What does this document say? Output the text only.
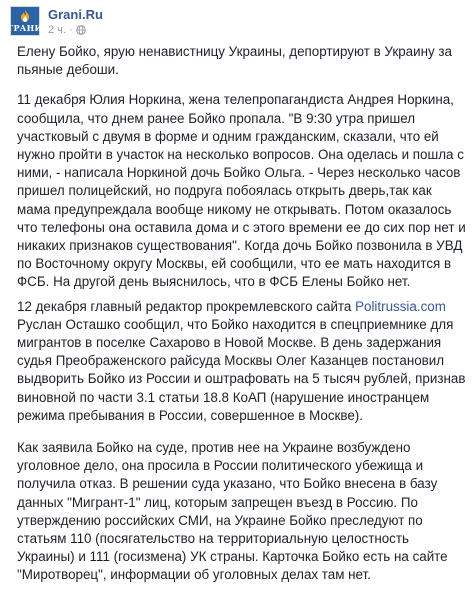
ГРАНИ
Grani.Ru
2 ч. ·

Елену Бойко, ярую ненавистницу Украины, депортируют в Украину за пьяные дебоши.

11 декабря Юлия Норкина, жена телепропагандиста Андрея Норкина, сообщила, что днем ранее Бойко пропала. "В 9:30 утра пришел участковый с двумя в форме и одним гражданским, сказали, что ей нужно пройти в участок на несколько вопросов. Она оделась и пошла с ними, - написала Норкиной дочь Бойко Ольга. - Через несколько часов пришел полицейский, но подруга побоялась открыть дверь,так как мама предупреждала вообще никому не открывать. Потом оказалось что телефоны она оставила дома и с этого времени ее до сих пор нет и никаких признаков существования". Когда дочь Бойко позвонила в УВД по Восточному округу Москвы, ей сообщили, что ее мать находится в ФСБ. На другой день выяснилось, что в ФСБ Елены Бойко нет.

12 декабря главный редактор прокремлевского сайта Politrussia.com Руслан Осташко сообщил, что Бойко находится в спецприемнике для мигрантов в поселке Сахарово в Новой Москве. В день задержания судья Преображенского райсуда Москвы Олег Казанцев постановил выдворить Бойко из России и оштрафовать на 5 тысяч рублей, признав виновной по части 3.1 статьи 18.8 КоАП (нарушение иностранцем режима пребывания в России, совершенное в Москве).

Как заявила Бойко на суде, против нее на Украине возбуждено уголовное дело, она просила в России политического убежища и получила отказ. В решении суда указано, что Бойко внесена в базу данных "Мигрант-1" лиц, которым запрещен въезд в Россию. По утверждению российских СМИ, на Украине Бойко преследуют по статьям 110 (посягательство на территориальную целостность Украины) и 111 (госизмена) УК страны. Карточка Бойко есть на сайте "Миротворец", информации об уголовных делах там нет.
